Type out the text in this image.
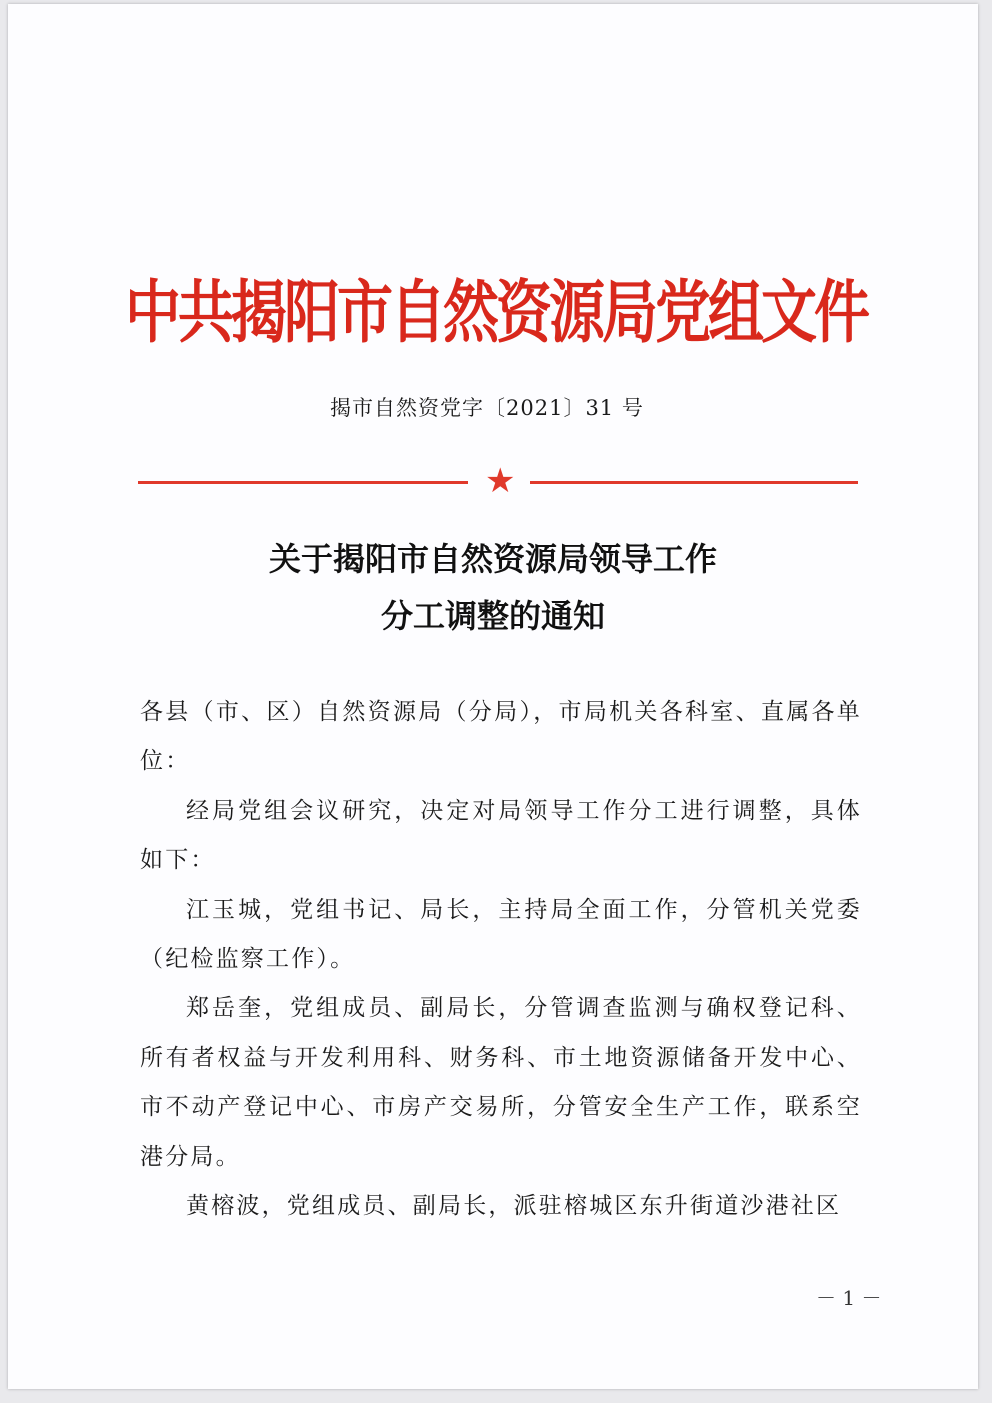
中共揭阳市自然资源局党组文件
揭市自然资党字〔2021〕31 号
★
关于揭阳市自然资源局领导工作
分工调整的通知

各县（市、区）自然资源局（分局），市局机关各科室、直属各单位：

经局党组会议研究，决定对局领导工作分工进行调整，具体如下：

江玉城，党组书记、局长，主持局全面工作，分管机关党委（纪检监察工作）。

郑岳奎，党组成员、副局长，分管调查监测与确权登记科、所有者权益与开发利用科、财务科、市土地资源储备开发中心、市不动产登记中心、市房产交易所，分管安全生产工作，联系空港分局。

黄榕波，党组成员、副局长，派驻榕城区东升街道沙港社区

－ 1 －
